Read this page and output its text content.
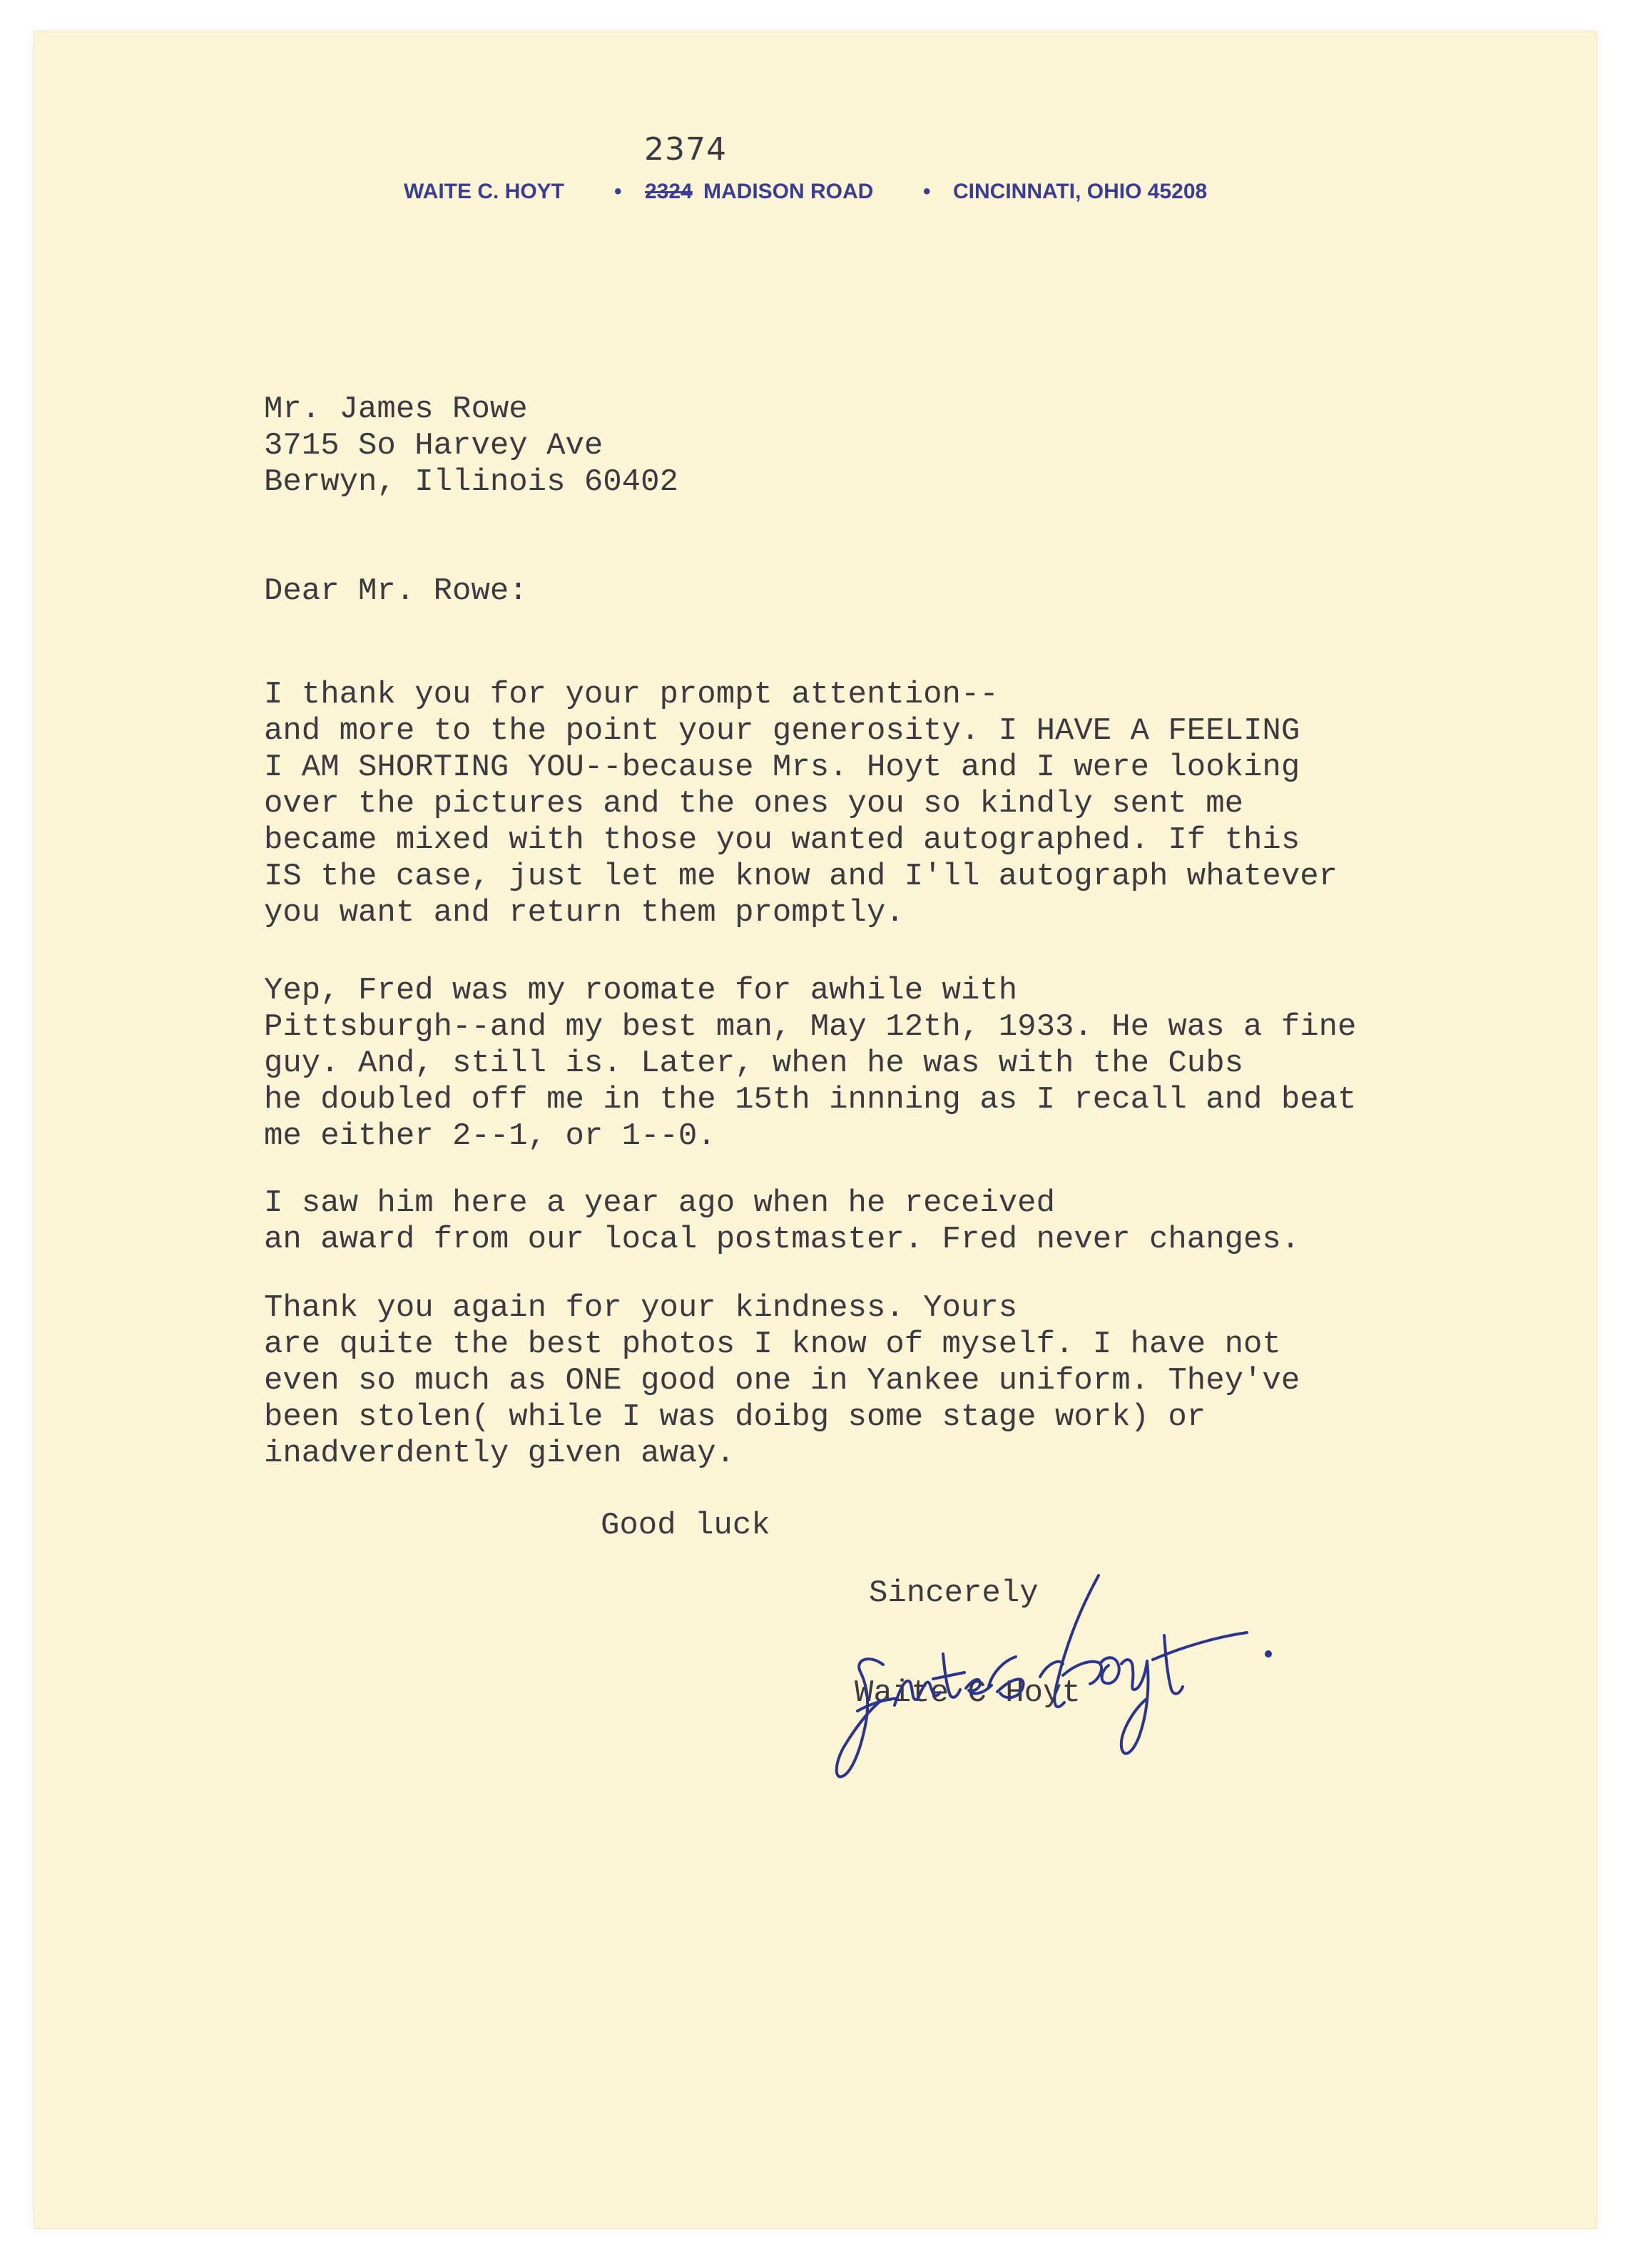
2374
WAITE C. HOYT • 2324 MADISON ROAD • CINCINNATI, OHIO 45208
Mr. James Rowe
3715 So Harvey Ave
Berwyn, Illinois 60402
Dear Mr. Rowe:
I thank you for your prompt attention--
and more to the point your generosity. I HAVE A FEELING
I AM SHORTING YOU--because Mrs. Hoyt and I were looking
over the pictures and the ones you so kindly sent me
became mixed with those you wanted autographed. If this
IS the case, just let me know and I'll autograph whatever
you want and return them promptly.
Yep, Fred was my roomate for awhile with
Pittsburgh--and my best man, May 12th, 1933. He was a fine
guy. And, still is. Later, when he was with the Cubs
he doubled off me in the 15th innning as I recall and beat
me either 2--1, or 1--0.
I saw him here a year ago when he received
an award from our local postmaster. Fred never changes.
Thank you again for your kindness. Yours
are quite the best photos I know of myself. I have not
even so much as ONE good one in Yankee uniform. They've
been stolen( while I was doibg some stage work) or
inadverdently given away.
Good luck
Sincerely
Waite C Hoyt
